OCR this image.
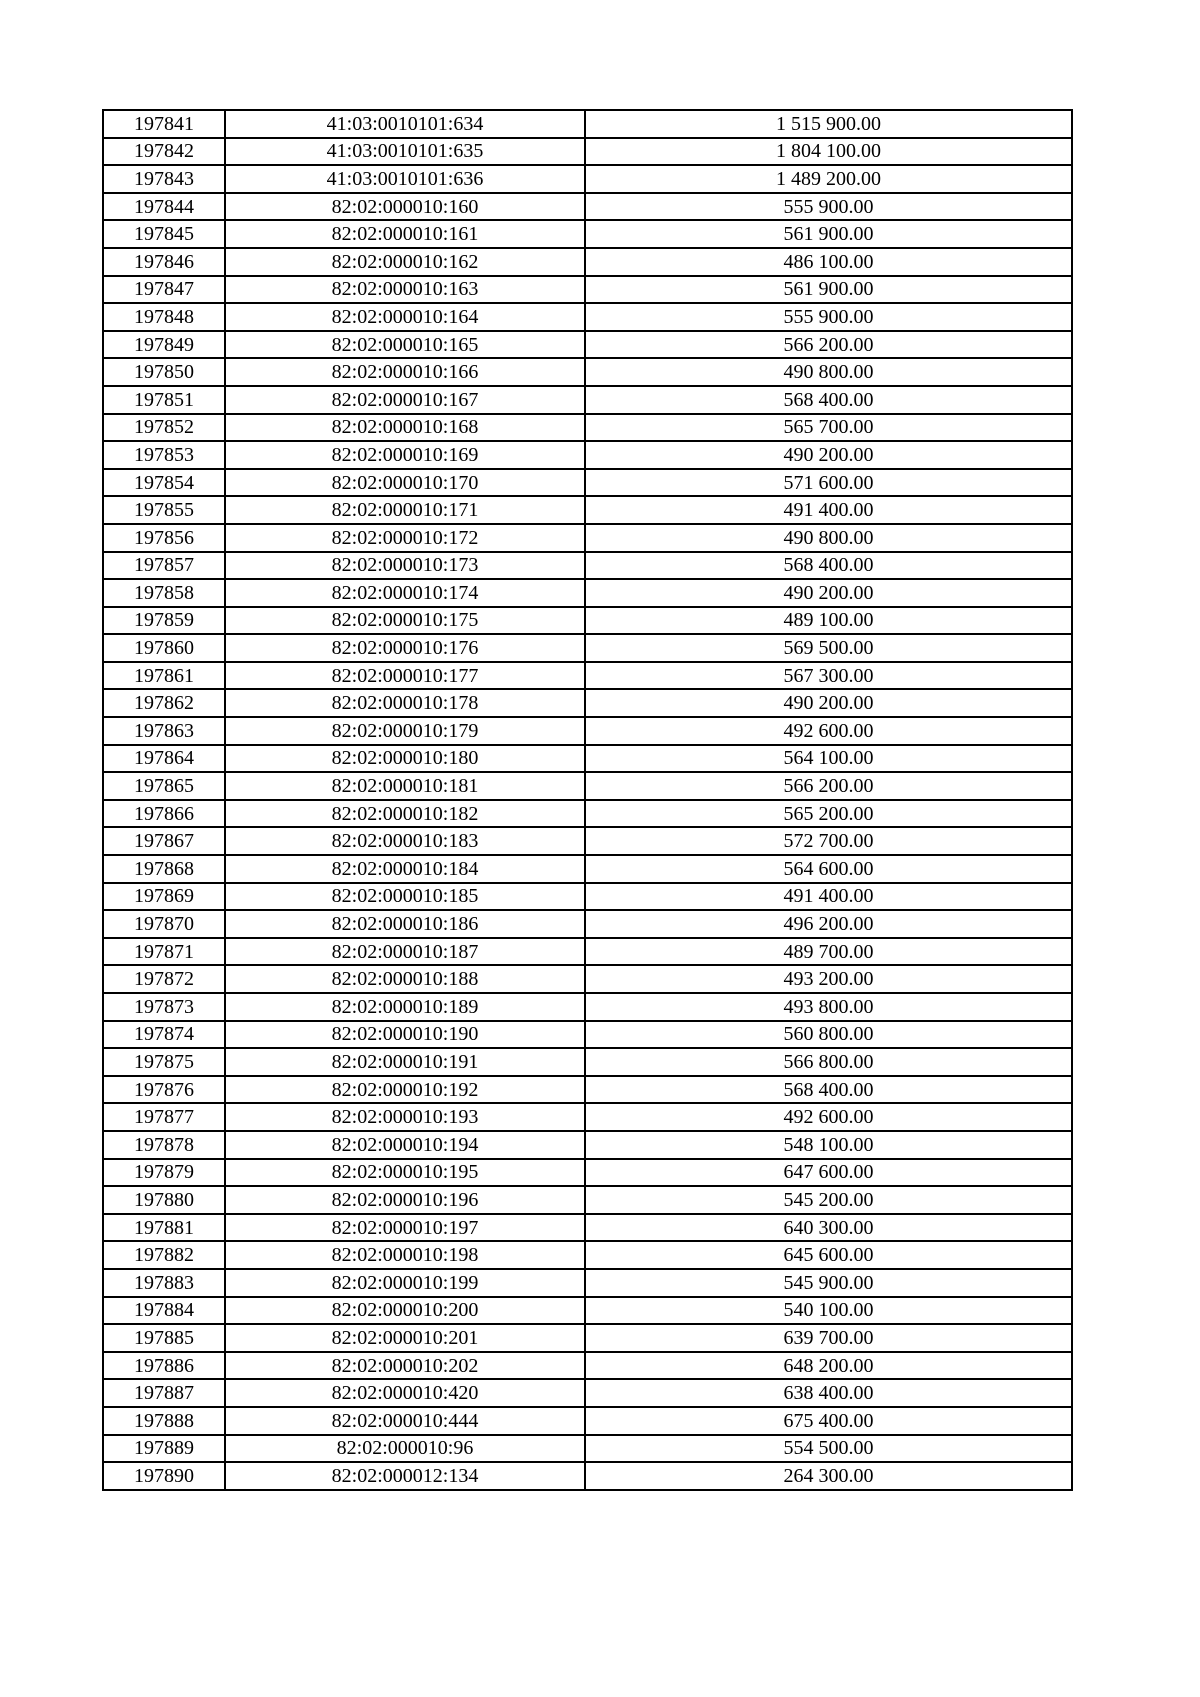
197841	41:03:0010101:634	1 515 900.00
197842	41:03:0010101:635	1 804 100.00
197843	41:03:0010101:636	1 489 200.00
197844	82:02:000010:160	555 900.00
197845	82:02:000010:161	561 900.00
197846	82:02:000010:162	486 100.00
197847	82:02:000010:163	561 900.00
197848	82:02:000010:164	555 900.00
197849	82:02:000010:165	566 200.00
197850	82:02:000010:166	490 800.00
197851	82:02:000010:167	568 400.00
197852	82:02:000010:168	565 700.00
197853	82:02:000010:169	490 200.00
197854	82:02:000010:170	571 600.00
197855	82:02:000010:171	491 400.00
197856	82:02:000010:172	490 800.00
197857	82:02:000010:173	568 400.00
197858	82:02:000010:174	490 200.00
197859	82:02:000010:175	489 100.00
197860	82:02:000010:176	569 500.00
197861	82:02:000010:177	567 300.00
197862	82:02:000010:178	490 200.00
197863	82:02:000010:179	492 600.00
197864	82:02:000010:180	564 100.00
197865	82:02:000010:181	566 200.00
197866	82:02:000010:182	565 200.00
197867	82:02:000010:183	572 700.00
197868	82:02:000010:184	564 600.00
197869	82:02:000010:185	491 400.00
197870	82:02:000010:186	496 200.00
197871	82:02:000010:187	489 700.00
197872	82:02:000010:188	493 200.00
197873	82:02:000010:189	493 800.00
197874	82:02:000010:190	560 800.00
197875	82:02:000010:191	566 800.00
197876	82:02:000010:192	568 400.00
197877	82:02:000010:193	492 600.00
197878	82:02:000010:194	548 100.00
197879	82:02:000010:195	647 600.00
197880	82:02:000010:196	545 200.00
197881	82:02:000010:197	640 300.00
197882	82:02:000010:198	645 600.00
197883	82:02:000010:199	545 900.00
197884	82:02:000010:200	540 100.00
197885	82:02:000010:201	639 700.00
197886	82:02:000010:202	648 200.00
197887	82:02:000010:420	638 400.00
197888	82:02:000010:444	675 400.00
197889	82:02:000010:96	554 500.00
197890	82:02:000012:134	264 300.00
